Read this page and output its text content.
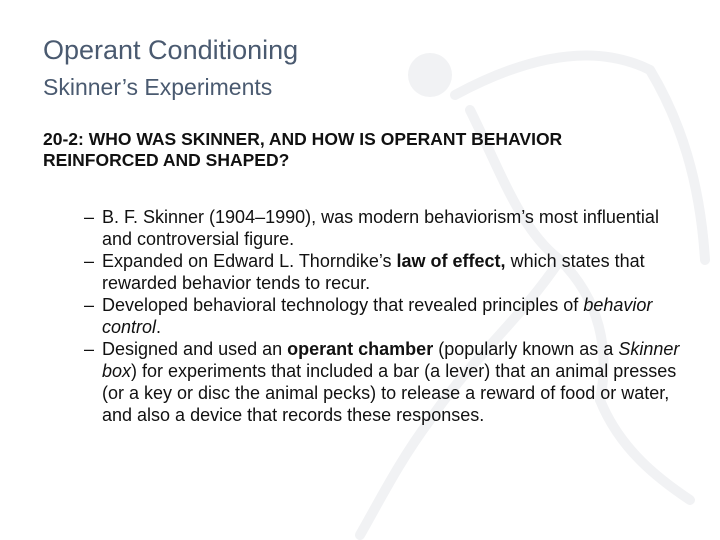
Operant Conditioning
Skinner’s Experiments
20-2: WHO WAS SKINNER, AND HOW IS OPERANT BEHAVIOR REINFORCED AND SHAPED?
– B. F. Skinner (1904–1990), was modern behaviorism’s most influential and controversial figure.
– Expanded on Edward L. Thorndike’s law of effect, which states that rewarded behavior tends to recur.
– Developed behavioral technology that revealed principles of behavior control.
– Designed and used an operant chamber (popularly known as a Skinner box) for experiments that included a bar (a lever) that an animal presses (or a key or disc the animal pecks) to release a reward of food or water, and also a device that records these responses.
